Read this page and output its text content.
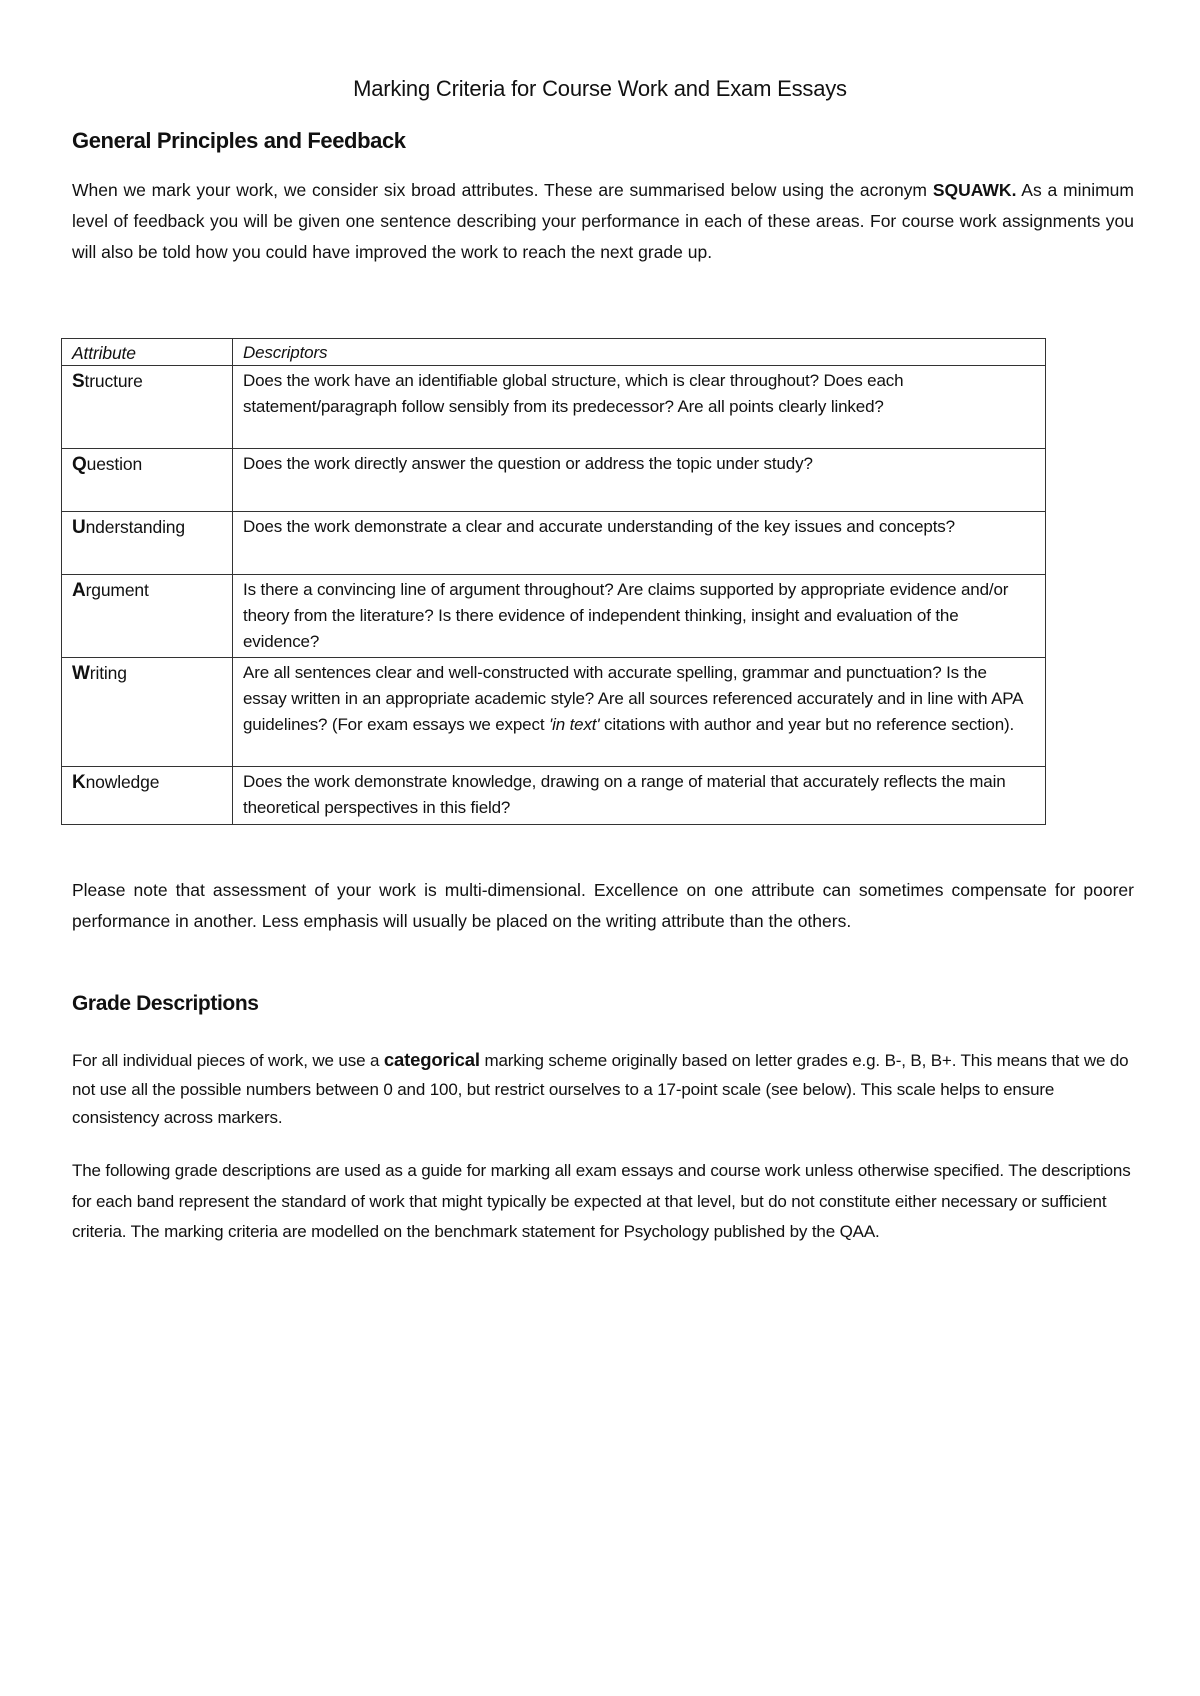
Marking Criteria for Course Work and Exam Essays
General Principles and Feedback
When we mark your work, we consider six broad attributes. These are summarised below using the acronym SQUAWK. As a minimum level of feedback you will be given one sentence describing your performance in each of these areas. For course work assignments you will also be told how you could have improved the work to reach the next grade up.
Attribute	Descriptors
Structure	Does the work have an identifiable global structure, which is clear throughout? Does each statement/paragraph follow sensibly from its predecessor? Are all points clearly linked?
Question	Does the work directly answer the question or address the topic under study?
Understanding	Does the work demonstrate a clear and accurate understanding of the key issues and concepts?
Argument	Is there a convincing line of argument throughout? Are claims supported by appropriate evidence and/or theory from the literature? Is there evidence of independent thinking, insight and evaluation of the evidence?
Writing	Are all sentences clear and well-constructed with accurate spelling, grammar and punctuation? Is the essay written in an appropriate academic style? Are all sources referenced accurately and in line with APA guidelines? (For exam essays we expect 'in text' citations with author and year but no reference section).
Knowledge	Does the work demonstrate knowledge, drawing on a range of material that accurately reflects the main theoretical perspectives in this field?
Please note that assessment of your work is multi-dimensional. Excellence on one attribute can sometimes compensate for poorer performance in another. Less emphasis will usually be placed on the writing attribute than the others.
Grade Descriptions
For all individual pieces of work, we use a categorical marking scheme originally based on letter grades e.g. B-, B, B+. This means that we do not use all the possible numbers between 0 and 100, but restrict ourselves to a 17-point scale (see below). This scale helps to ensure consistency across markers.
The following grade descriptions are used as a guide for marking all exam essays and course work unless otherwise specified. The descriptions for each band represent the standard of work that might typically be expected at that level, but do not constitute either necessary or sufficient criteria. The marking criteria are modelled on the benchmark statement for Psychology published by the QAA.
